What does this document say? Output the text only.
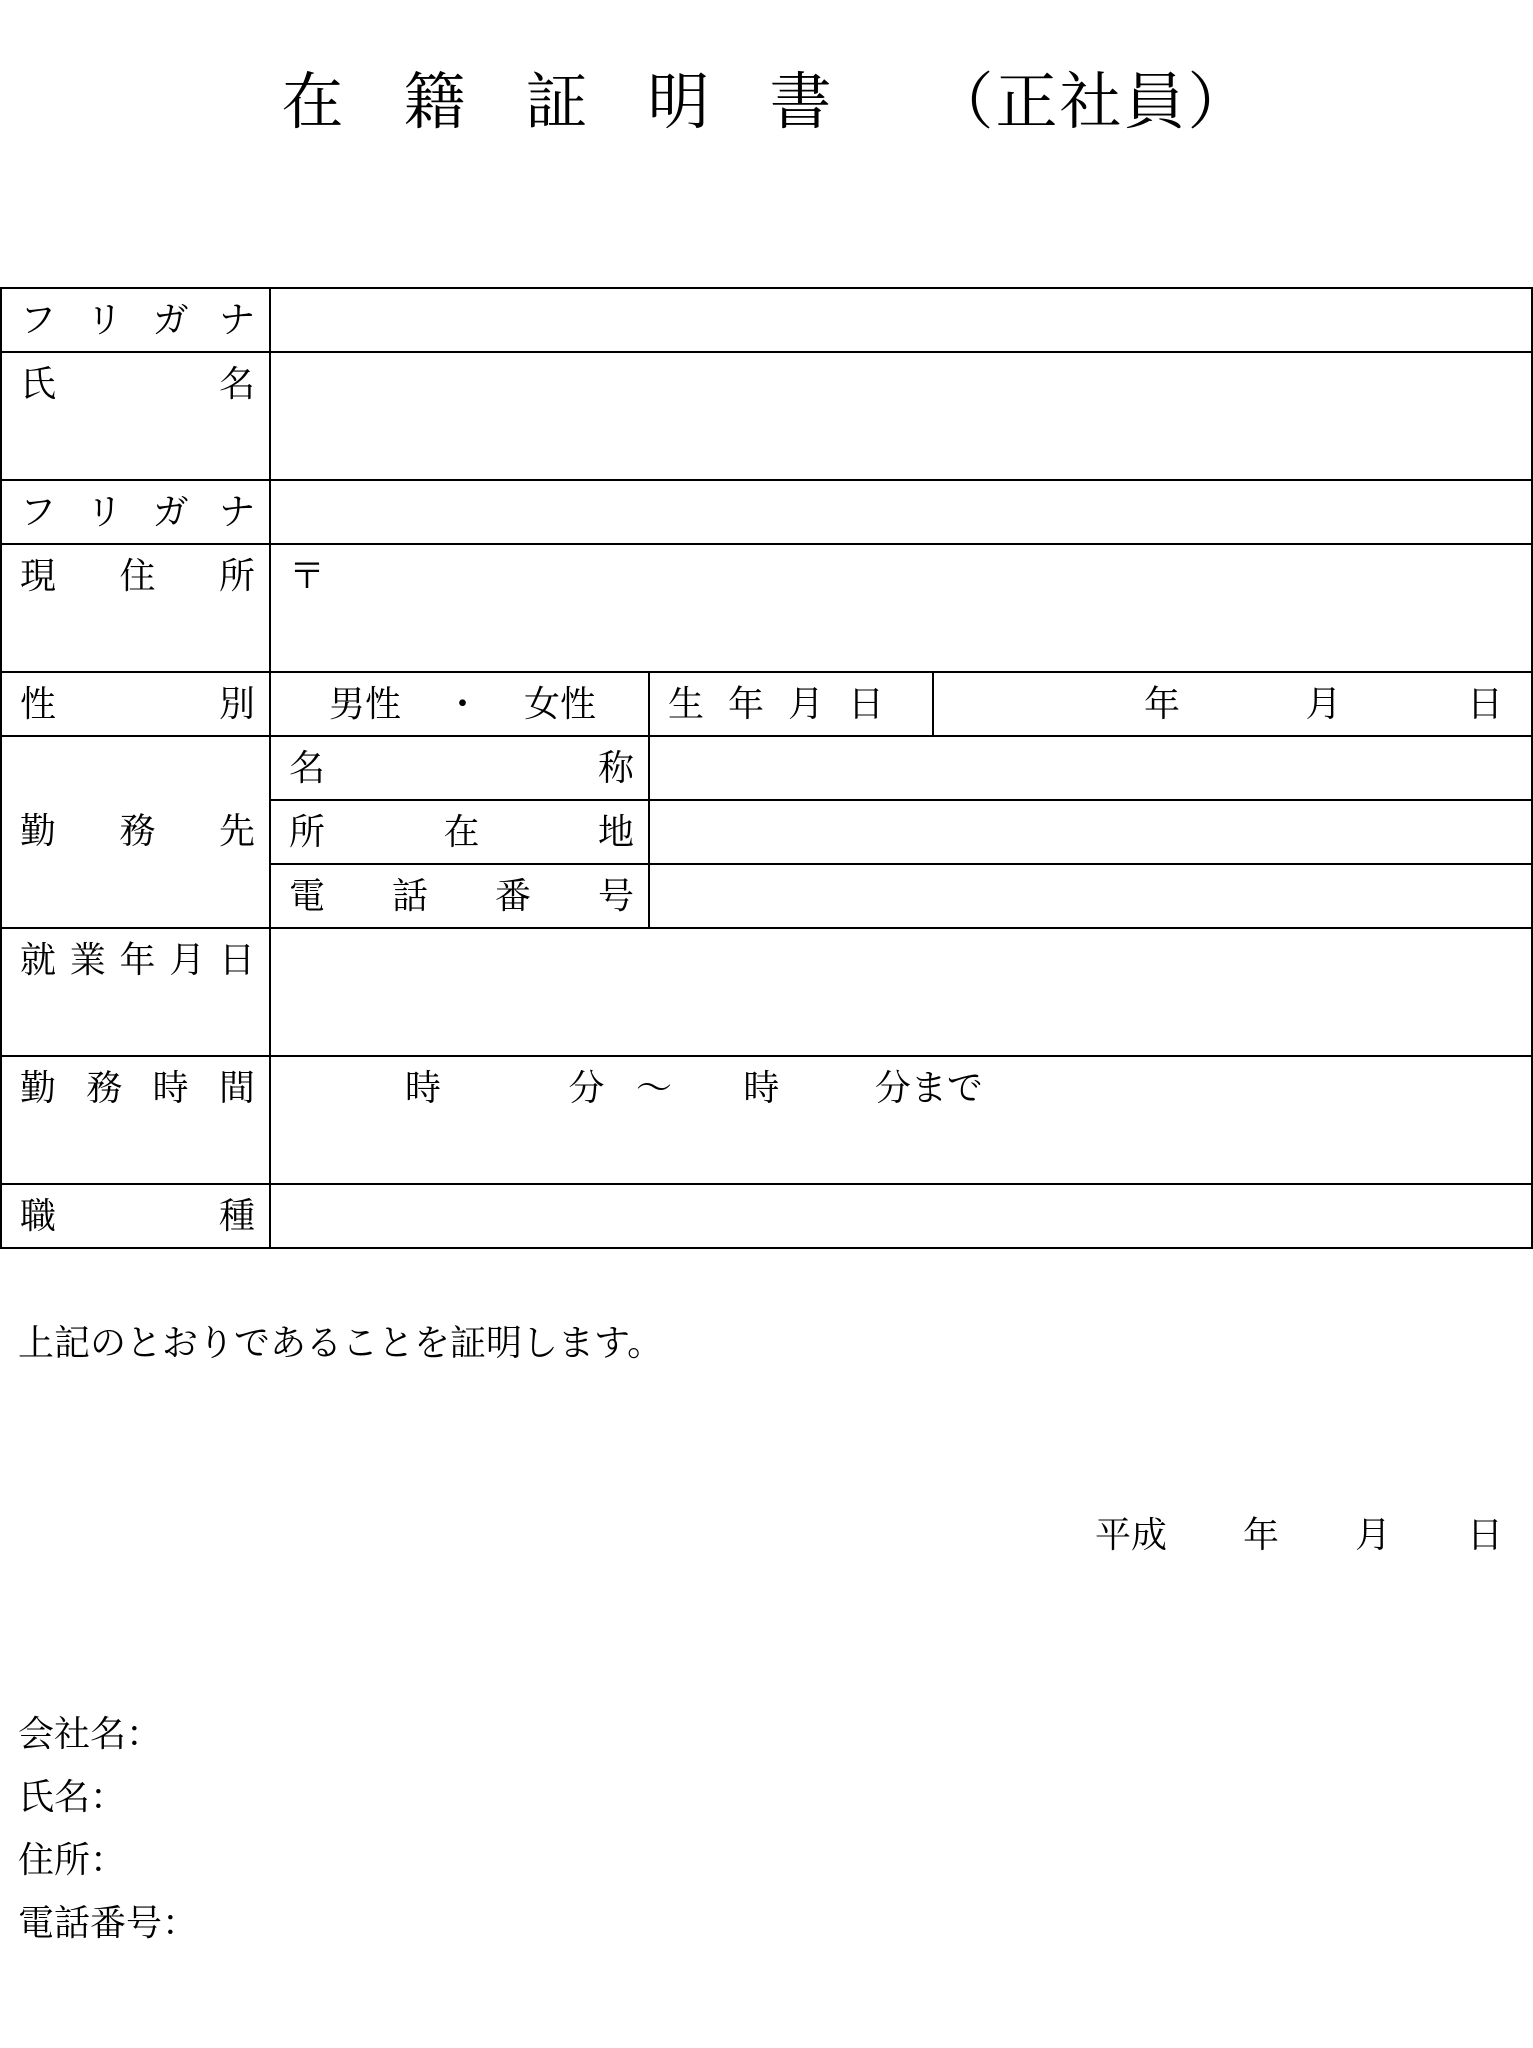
在籍証明書 （正社員）
フ リ ガ ナ			

氏 名			

フ リ ガ ナ			

現 住 所	〒		

性 別	男性 ・ 女性	生 年 月 日	年 月 日

勤 務 先	名 称		

	所 在 地		

	電 話 番 号		

就 業 年 月 日			

勤 務 時 間	時 分 ～ 時 分まで		

職 種			

上記のとおりであることを証明します。
平成 年 月 日
会社名：
氏名：
住所：
電話番号：
